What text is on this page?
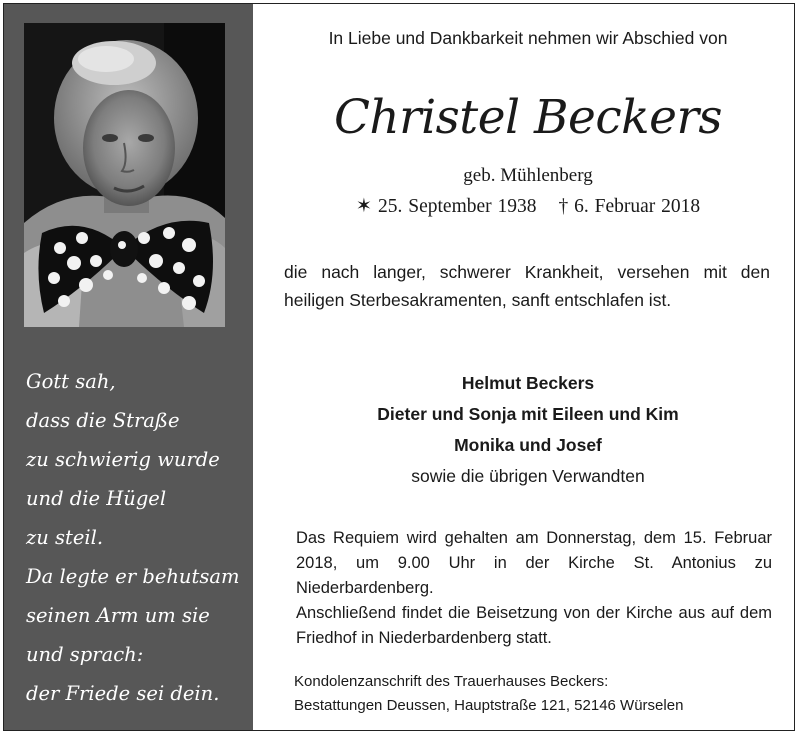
Gott sah,
dass die Straße
zu schwierig wurde
und die Hügel
zu steil.
Da legte er behutsam
seinen Arm um sie
und sprach:
der Friede sei dein.
In Liebe und Dankbarkeit nehmen wir Abschied von
Christel Beckers
geb. Mühlenberg
✶ 25. September 1938 † 6. Februar 2018
die nach langer, schwerer Krankheit, versehen mit den heiligen Sterbesakramenten, sanft entschlafen ist.
Helmut Beckers
Dieter und Sonja mit Eileen und Kim
Monika und Josef
sowie die übrigen Verwandten
Das Requiem wird gehalten am Donnerstag, dem 15. Februar 2018, um 9.00 Uhr in der Kirche St. Antonius zu Niederbardenberg.
Anschließend findet die Beisetzung von der Kirche aus auf dem Friedhof in Niederbardenberg statt.
Kondolenzanschrift des Trauerhauses Beckers:
Bestattungen Deussen, Hauptstraße 121, 52146 Würselen
